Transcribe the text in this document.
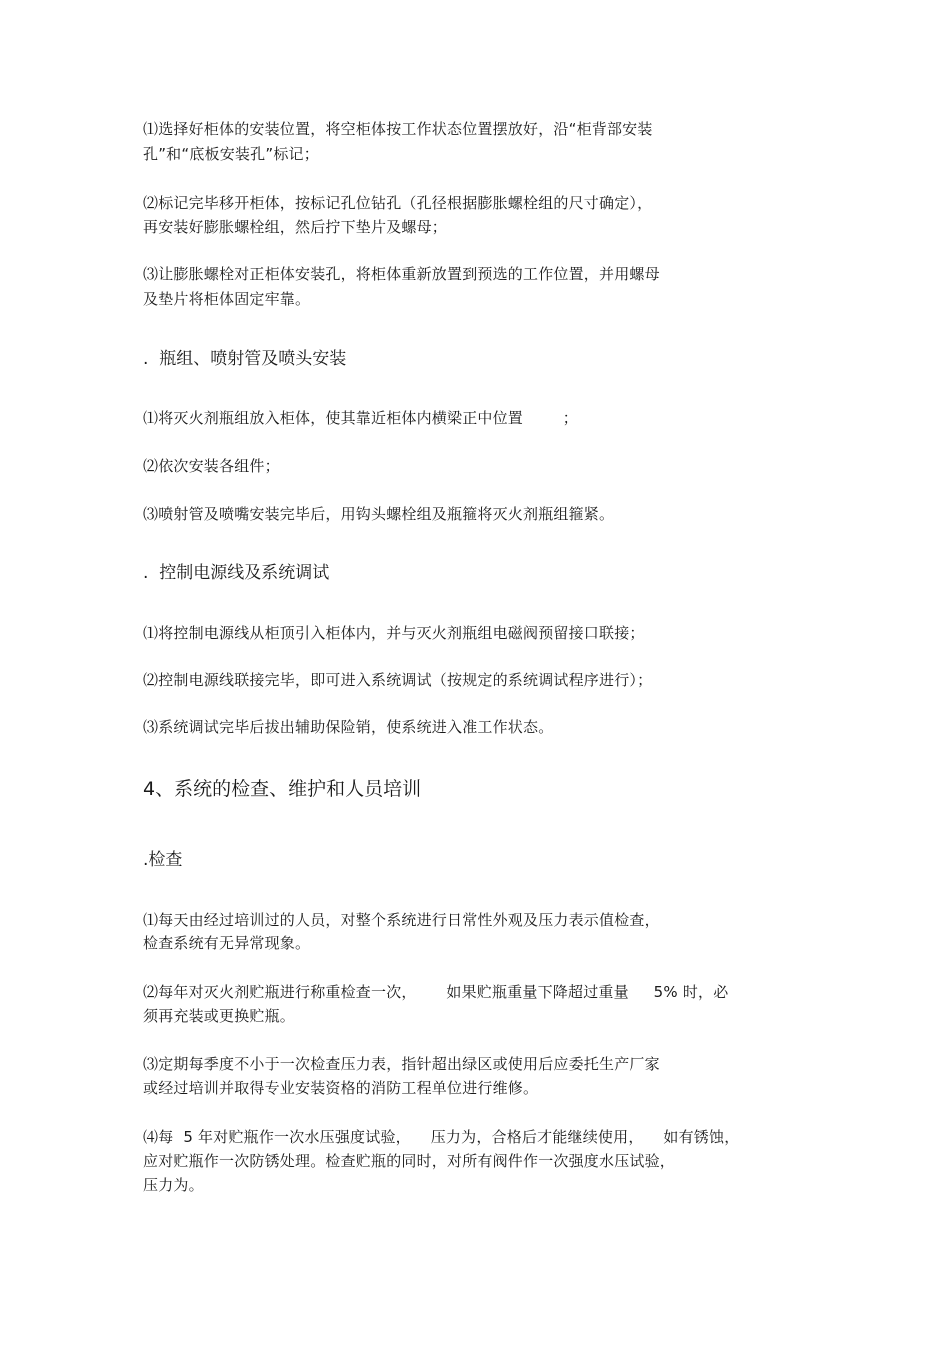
⑴选择好柜体的安装位置，将空柜体按工作状态位置摆放好，沿“柜背部安装
孔”和“底板安装孔”标记；
⑵标记完毕移开柜体，按标记孔位钻孔（孔径根据膨胀螺栓组的尺寸确定），
再安装好膨胀螺栓组，然后拧下垫片及螺母；
⑶让膨胀螺栓对正柜体安装孔，将柜体重新放置到预选的工作位置，并用螺母
及垫片将柜体固定牢靠。
.  瓶组、喷射管及喷头安装
⑴将灭火剂瓶组放入柜体，使其靠近柜体内横梁正中位置        ；
⑵依次安装各组件；
⑶喷射管及喷嘴安装完毕后，用钩头螺栓组及瓶箍将灭火剂瓶组箍紧。
.  控制电源线及系统调试
⑴将控制电源线从柜顶引入柜体内，并与灭火剂瓶组电磁阀预留接口联接；
⑵控制电源线联接完毕，即可进入系统调试（按规定的系统调试程序进行）；
⑶系统调试完毕后拔出辅助保险销，使系统进入准工作状态。
4、系统的检查、维护和人员培训
.检查
⑴每天由经过培训过的人员，对整个系统进行日常性外观及压力表示值检查，
检查系统有无异常现象。
⑵每年对灭火剂贮瓶进行称重检查一次，      如果贮瓶重量下降超过重量     5% 时，必
须再充装或更换贮瓶。
⑶定期每季度不小于一次检查压力表，指针超出绿区或使用后应委托生产厂家
或经过培训并取得专业安装资格的消防工程单位进行维修。
⑷每  5 年对贮瓶作一次水压强度试验，    压力为，合格后才能继续使用，    如有锈蚀，
应对贮瓶作一次防锈处理。检查贮瓶的同时，对所有阀件作一次强度水压试验，
压力为。
